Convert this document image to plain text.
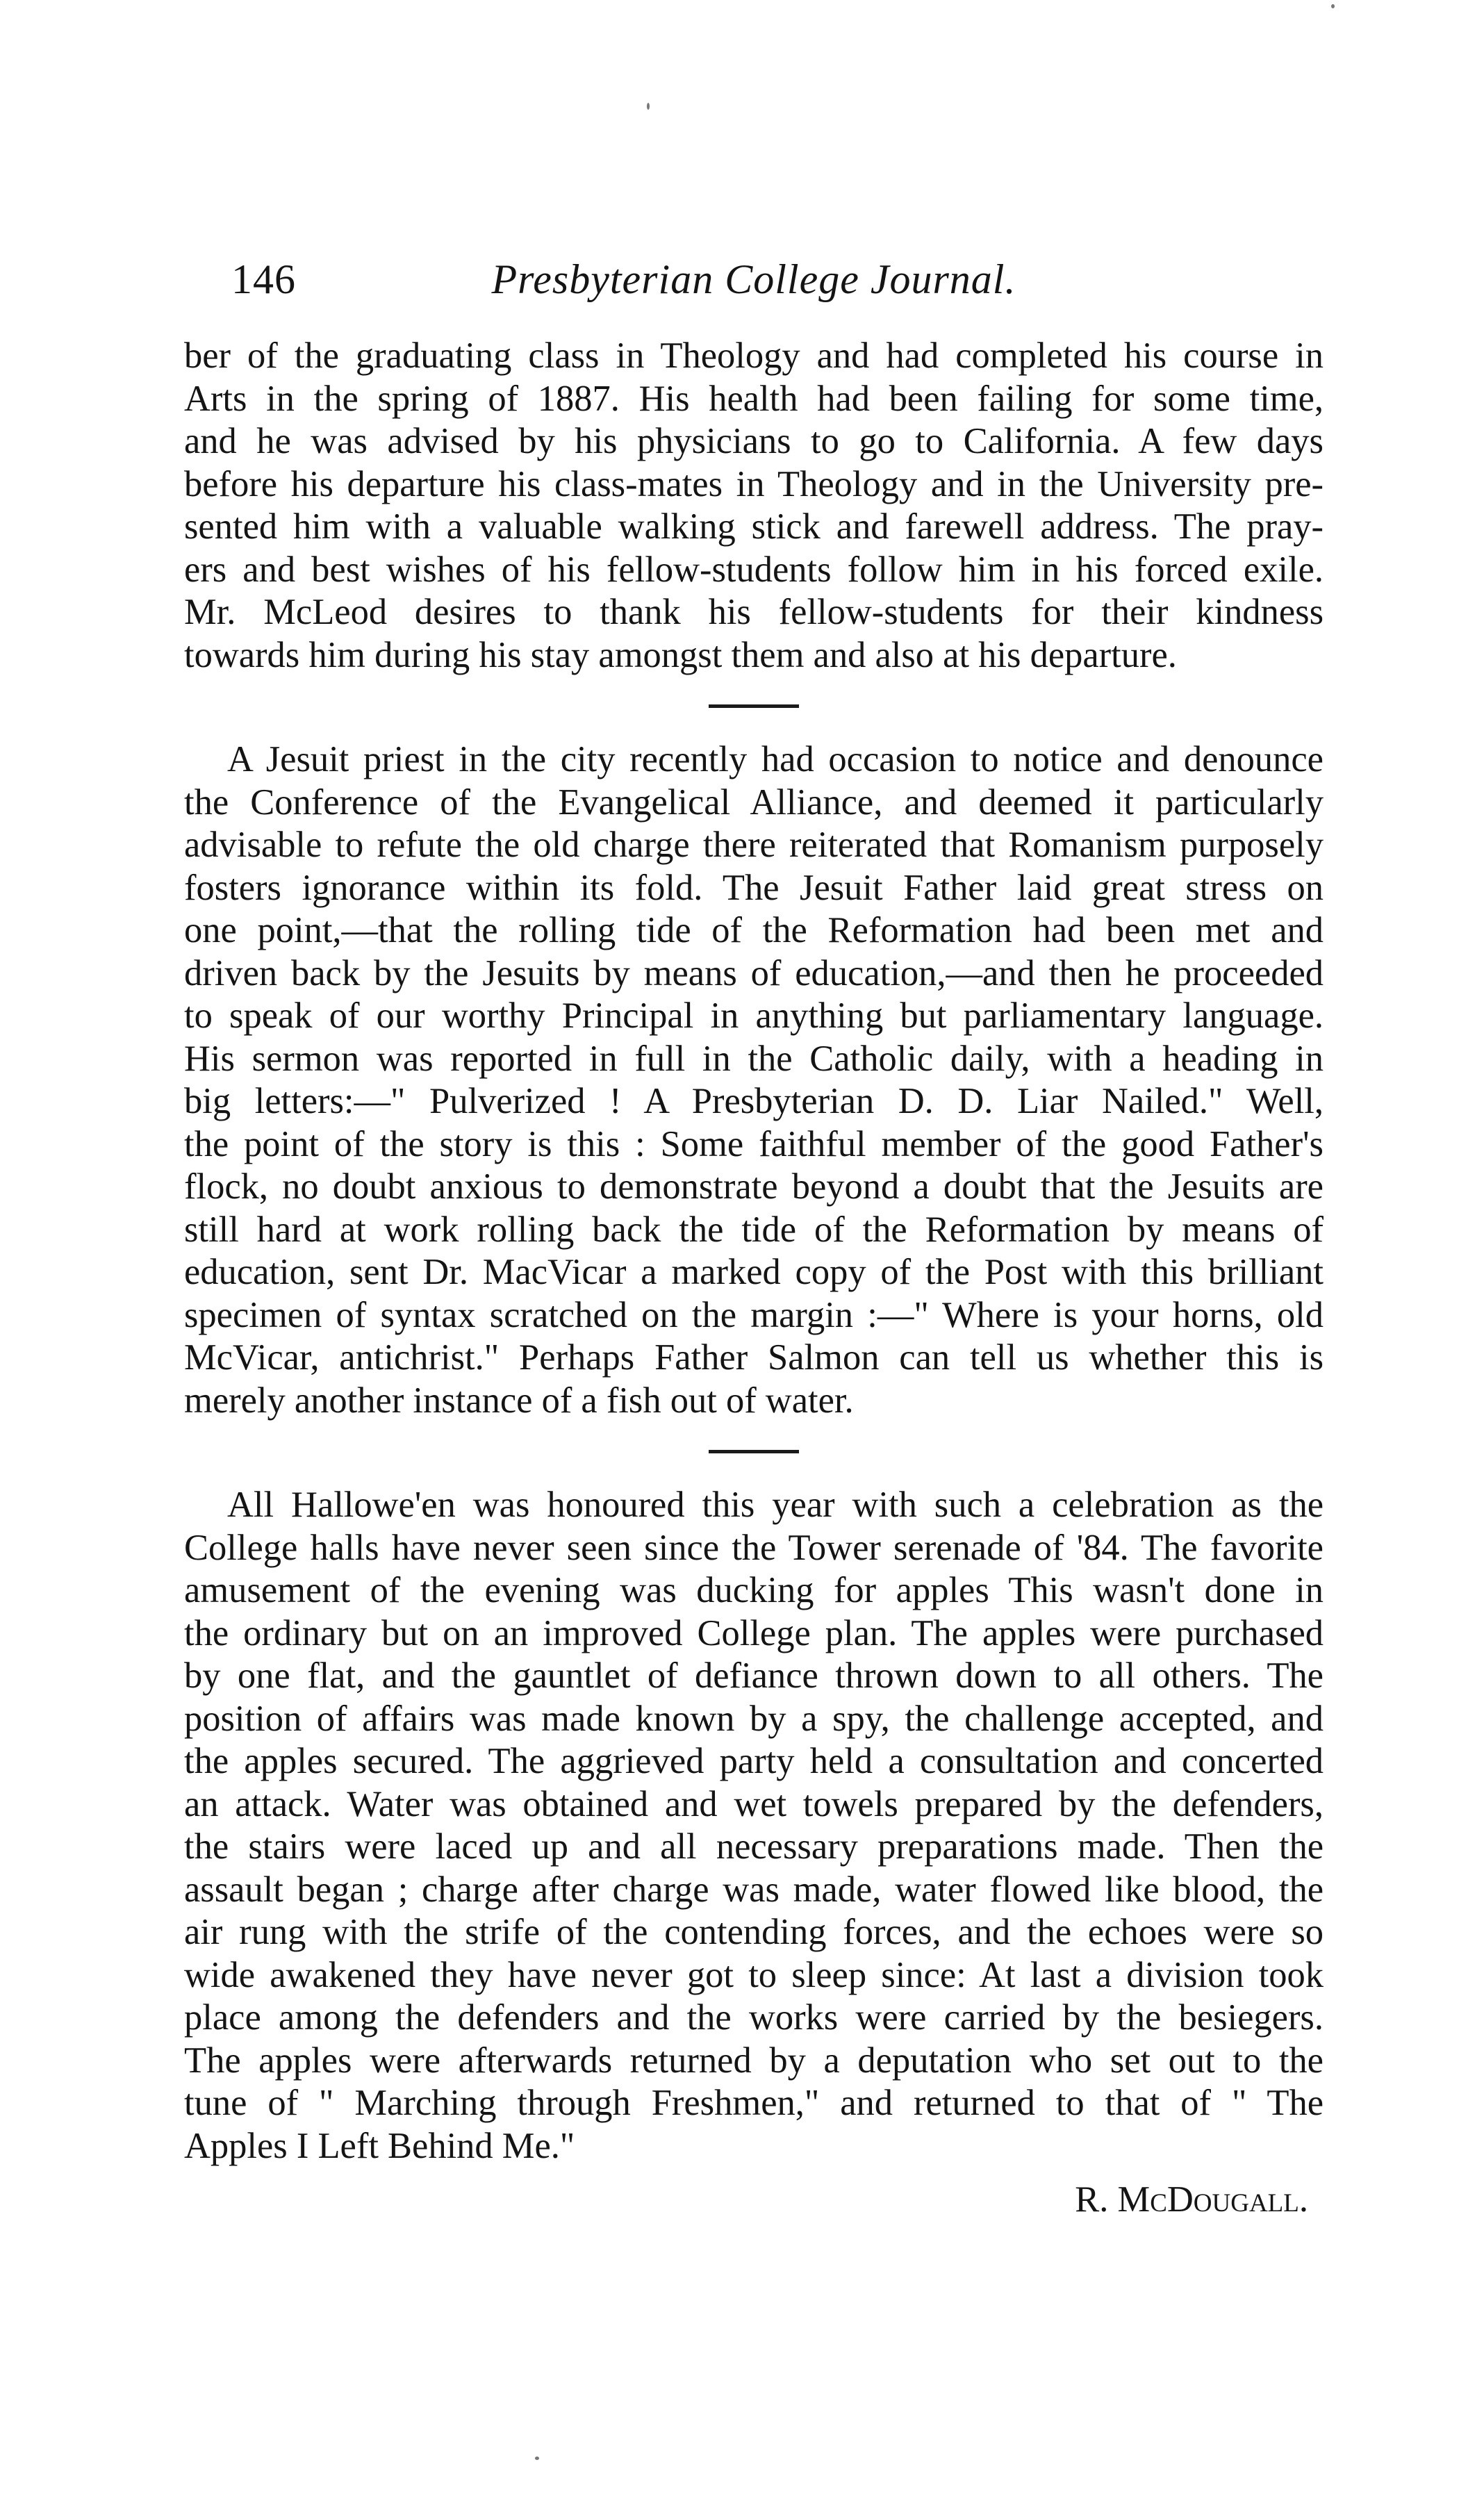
146	Presbyterian College Journal.

ber of the graduating class in Theology and had completed his course in
Arts in the spring of 1887. His health had been failing for some time,
and he was advised by his physicians to go to California. A few days
before his departure his class-mates in Theology and in the University pre-
sented him with a valuable walking stick and farewell address. The pray-
ers and best wishes of his fellow-students follow him in his forced exile.
Mr. McLeod desires to thank his fellow-students for their kindness
towards him during his stay amongst them and also at his departure.

A Jesuit priest in the city recently had occasion to notice and denounce
the Conference of the Evangelical Alliance, and deemed it particularly
advisable to refute the old charge there reiterated that Romanism purposely
fosters ignorance within its fold. The Jesuit Father laid great stress on
one point,—that the rolling tide of the Reformation had been met and
driven back by the Jesuits by means of education,—and then he proceeded
to speak of our worthy Principal in anything but parliamentary language.
His sermon was reported in full in the Catholic daily, with a heading in
big letters:—" Pulverized ! A Presbyterian D. D. Liar Nailed." Well,
the point of the story is this : Some faithful member of the good Father's
flock, no doubt anxious to demonstrate beyond a doubt that the Jesuits are
still hard at work rolling back the tide of the Reformation by means of
education, sent Dr. MacVicar a marked copy of the Post with this brilliant
specimen of syntax scratched on the margin :—" Where is your horns, old
McVicar, antichrist." Perhaps Father Salmon can tell us whether this is
merely another instance of a fish out of water.

All Hallowe'en was honoured this year with such a celebration as the
College halls have never seen since the Tower serenade of '84. The favorite
amusement of the evening was ducking for apples This wasn't done in
the ordinary but on an improved College plan. The apples were purchased
by one flat, and the gauntlet of defiance thrown down to all others. The
position of affairs was made known by a spy, the challenge accepted, and
the apples secured. The aggrieved party held a consultation and concerted
an attack. Water was obtained and wet towels prepared by the defenders,
the stairs were laced up and all necessary preparations made. Then the
assault began ; charge after charge was made, water flowed like blood, the
air rung with the strife of the contending forces, and the echoes were so
wide awakened they have never got to sleep since: At last a division took
place among the defenders and the works were carried by the besiegers.
The apples were afterwards returned by a deputation who set out to the
tune of " Marching through Freshmen," and returned to that of " The
Apples I Left Behind Me."

R. McDougall.
